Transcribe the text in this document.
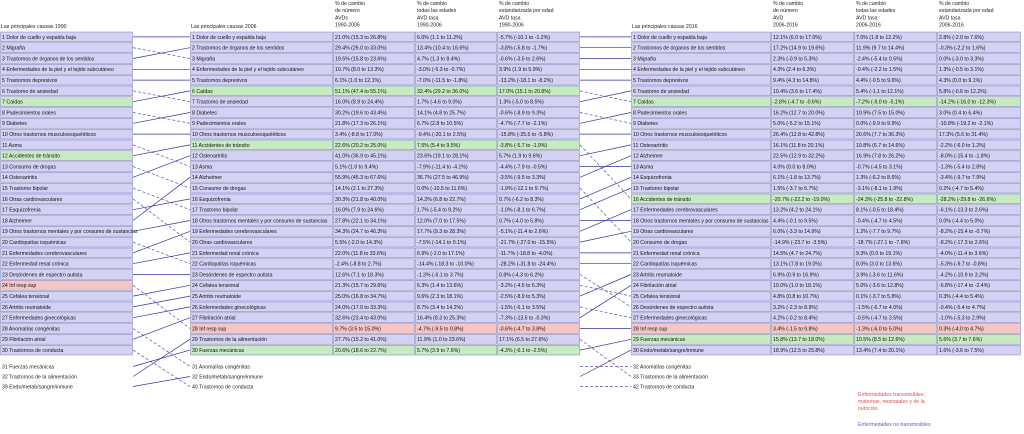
Las principales causas 1990
1 Dolor de cuello y espalda baja
2 Migraña
3 Trastornos de órganos de los sentidos
4 Enfermedades de la piel y el tejido subcutáneo
5 Trastornos depresivos
6 Trastorno de ansiedad
7 Caídas
8 Padecimientos orales
9 Diabetes
10 Otros trastornos musculoesqueléticos
11 Asma
12 Accidentes de tránsito
13 Consumo de drogas
14 Osteoartritis
15 Trastorno bipolar
16 Otras cardiovasculares
17 Esquizofrenia
18 Alzheimer
19 Otros trastornos mentales y por consumo de sustancias
20 Cardiopatías isquémicas
21 Enfermedades cerebrovasculares
22 Enfermedad renal crónica
23 Desórdenes de espectro autista
24 Inf resp sup
25 Cefalea tensional
26 Artritis reumatoide
27 Enfermedades ginecológicas
28 Anomalías congénitas
29 Fibrilación atrial
30 Trastornos de conducta
31 Fuerzas mecánicas
32 Trastornos de la alimentación
39 Endo/metab/sangre/inmune
Las principales causas 2006
% de cambio
de número
AVDs
1990-2006
% de cambio
todas las edades
AVD tasa
1990-2006
% de cambio
estandarizada por edad
AVD tasa
1990-2006
1 Dolor de cuello y espalda baja	21.0% (15.3 to 26.8%)	6.0% (1.1 to 11.2%)	-5.7% (-10.1 to -1.2%)
2 Trastornos de órganos de los sentidos	29.4% (26.0 to 33.0%)	13.4% (10.4 to 16.6%)	-3.8% (-5.8 to -1.7%)
3 Migraña	19.5% (15.8 to 23.6%)	4.7% (1.3 to 8.4%)	-0.6% (-3.5 to 2.6%)
4 Enfermedades de la piel y el tejido subcutáneo	10.7% (8.0 to 13.3%)	-3.0% (-5.3 to -0.7%)	3.9% (1.9 to 5.9%)
5 Trastornos depresivos	6.1% (1.0 to 12.1%)	-7.0% (-11.5 to -1.8%)	-13.2% (-18.1 to -8.2%)
6 Caídas	51.1% (47.4 to 55.1%)	32.4% (29.2 to 36.0%)	17.0% (15.1 to 20.8%)
7 Trastorno de ansiedad	16.0% (8.9 to 24.4%)	1.7% (-4.6 to 9.0%)	1.3% (-5.0 to 8.5%)
8 Diabetes	30.2% (19.6 to 43.4%)	14.1% (4.8 to 25.7%)	-0.6% (-8.9 to 9.3%)
9 Padecimientos orales	21.8% (17.3 to 26.1%)	6.7% (2.8 to 10.5%)	-4.7% (-7.7 to -2.1%)
10 Otros trastornos musculoesqueléticos	3.4% (-8.8 to 17.0%)	-9.4% (-20.1 to 2.5%)	-15.8% (-25.5 to -5.8%)
11 Accidentes de tránsito	22.6% (20.2 to 25.0%)	7.5% (5.4 to 9.5%)	-3.8% (-5.7 to -1.9%)
12 Osteoartritis	41.0% (36.9 to 45.1%)	23.6% (19.1 to 28.1%)	5.7% (1.9 to 9.6%)
13 Asma	5.1% (1.0 to 9.4%)	-7.9% (-11.4 to -4.1%)	-4.4% (-7.9 to -0.5%)
14 Alzheimer	55.9% (45.3 to 67.6%)	36.7% (27.5 to 46.9%)	-3.5% (-9.5 to 3.3%)
15 Consumo de drogas	14.1% (2.1 to 27.3%)	0.0% (-10.5 to 11.6%)	-1.9% (-12.1 to 9.7%)
16 Esquizofrenia	30.3% (21.8 to 40.0%)	14.2% (6.8 to 22.7%)	0.7% (-6.2 to 8.3%)
17 Trastorno bipolar	16.0% (7.9 to 24.6%)	1.7% (-5.4 to 9.2%)	-1.0% (-8.1 to 6.7%)
18 Otros trastornos mentales y por consumo de sustancias 27.8% (22.1 to 34.1%)	12.0% (7.0 to 17.5%)	0.7% (-4.0 to 5.8%)
19 Enfermedades cerebrovasculares	34.3% (24.7 to 46.3%)	17.7% (9.3 to 28.3%)	-5.1% (-11.4 to 2.6%)
20 Otras cardiovasculares	5.5% (-2.0 to 14.3%)	-7.5% (-14.1 to 0.1%)	-21.7% (-27.0 to -15.5%)
21 Enfermedad renal crónica	22.0% (11.8 to 33.6%)	6.9% (-2.0 to 17.1%)	-11.7% (-18.8 to -4.0%)
22 Cardiopatías isquémicas	-2.4% (-8.8 to 2.7%)	-14.4% (-18.3 to -10.0%)	-28.2% (-31.8 to -24.4%)
23 Desórdenes de espectro autista	12.6% (7.1 to 18.3%)	-1.3% (-6.1 to 3.7%)	0.8% (-4.3 to 6.2%)
24 Cefalea tensional	21.3% (15.7 to 29.6%)	6.3% (1.4 to 13.6%)	-3.2% (-4.5 to 6.3%)
25 Artritis reumatoide	25.0% (16.8 to 34.7%)	9.6% (2.3 to 18.1%)	-2.5% (-8.9 to 5.3%)
26 Enfermedades ginecológicas	24.0% (17.0 to 33.3%)	8.7% (3.4 to 14.2%)	-1.5% (-6.1 to 3.5%)
27 Fibrilación atrial	32.6% (23.4 to 43.0%)	16.4% (8.3 to 25.3%)	-7.3% (-13.5 to -0.3%)
28 Inf resp sup	9.7% (3.5 to 15.0%)	-4.7% (-9.5 to 0.8%)	-0.6% (-4.7 to 3.8%)
29 Trastornos de la alimentación	27.7% (15.2 to 41.0%)	11.9% (1.0 to 23.6%)	17.1% (6.5 to 27.6%)
30 Fuerzas mecánicas	20.6% (18.6 to 22.7%)	5.7% (3.9 to 7.6%)	-4.3% (-6.1 to -2.5%)
31 Anomalías congénitas
32 Endo/metab/sangre/inmune
40 Trastornos de conducta
Las principales causas 2016
% de cambio
de número
AVD
2006-2016
% de cambio
todas las edades
AVD tasa
2006-2016
% de cambio
estandarizada por edad
AVD tasa
2006-2016
1 Dolor de cuello y espalda baja	12.1% (6.0 to 17.0%)	7.0% (1.8 to 12.2%)	2.8% (-2.0 to 7.6%)
2 Trastornos de órganos de los sentidos	17.2% (14.9 to 19.6%)	11.9% (9.7 to 14.4%)	-0.3% (-2.2 to 1.6%)
3 Migraña	2.3% (-0.9 to 5.3%)	-2.4% (-5.4 to 0.5%)	0.0% (-3.0 to 3.3%)
4 Enfermedades de la piel y el tejido subcutáneo	4.3% (2.4 to 6.3%)	-0.4% (-2.2 to 1.5%)	1.3% (-0.5 to 3.1%)
5 Trastornos depresivos	9.4% (4.3 to 14.8%)	4.4% (-0.5 to 9.6%)	4.3% (0.0 to 9.1%)
6 Trastorno de ansiedad	10.4% (3.6 to 17.4%)	5.4% (-1.1 to 12.1%)	5.8% (-0.6 to 12.2%)
7 Caídas	-2.8% (-4.7 to -0.6%)	-7.2% (-9.0 to -5.1%)	-14.2% (-16.0 to -12.3%)
8 Padecimientos orales	16.2% (12.7 to 20.0%)	10.9% (7.5 to 15.0%)	3.0% (0.4 to 6.4%)
9 Diabetes	5.0% (-5.2 to 15.1%)	0.0% (-9.9 to 9.9%)	-10.8% (-19.2 to -2.1%)
10 Otros trastornos musculoesqueléticos	26.4% (12.8 to 42.8%)	20.6% (7.7 to 36.3%)	17.3% (5.6 to 31.4%)
11 Osteoartritis	16.1% (11.8 to 20.1%)	10.8% (6.7 to 14.6%)	-2.2% (-6.0 to 1.2%)
12 Alzheimer	22.5% (12.9 to 32.2%)	16.9% (7.8 to 26.2%)	-8.0% (-15.4 to -1.8%)
13 Asma	4.0% (0.0 to 8.0%)	-0.7% (-4.5 to 3.1%)	-1.3% (-5.4 to 2.8%)
14 Esquizofrenia	6.1% (-1.8 to 13.7%)	1.3% (-6.2 to 8.6%)	-3.4% (-9.7 to 7.9%)
15 Trastorno bipolar	1.5% (-3.7 to 6.7%)	-3.1% (-8.1 to 1.9%)	0.2% (-4.7 to 5.4%)
16 Accidentes de tránsito	-20.7% (-22.2 to -19.0%)	-24.3% (-25.8 to -22.8%)	-28.2% (-29.8 to -26.6%)
17 Enfermedades cerebrovasculares	13.2% (4.2 to 24.1%)	8.1% (-0.5 to 18.4%)	-6.1% (-13.3 to 2.6%)
18 Otros trastornos mentales y por consumo de sustancias 4.4% (-0.1 to 9.5%)	-0.4% (-4.7 to 4.5%)	0.0% (-4.4 to 5.0%)
19 Otras cardiovasculares	6.0% (-3.3 to 14.9%)	1.2% (-7.7 to 9.7%)	-8.2% (-15.4 to -0.7%)
20 Consumo de drogas	-14.9% (-23.7 to -3.5%)	-18.7% (-27.1 to -7.8%)	-8.2% (-17.3 to 2.6%)
21 Enfermedad renal crónica	14.5% (4.7 to 24.7%)	9.3% (0.0 to 19.1%)	-4.0% (-11.4 to 3.6%)
22 Cardiopatías isquémicas	13.1% (7.8 to 19.0%)	8.0% (3.0 to 13.6%)	-5.3% (-9.7 to -0.8%)
23 Artritis reumatoide	6.9% (0.9 to 16.9%)	3.9% (-3.6 to 11.6%)	-4.2% (-10.9 to 3.2%)
24 Fibrilación atrial	10.0% (1.0 to 18.1%)	5.0% (-3.6 to 12.8%)	-6.8% (-17.4 to -2.4%)
25 Cefalea tensional	4.8% (0.8 to 10.7%)	0.1% (-3.7 to 5.8%)	0.3% (-4.4 to 5.4%)
26 Desórdenes de espectro autista	3.2% (-2.3 to 8.9%)	-1.5% (-6.7 to 4.0%)	-0.4% (-5.4 to 4.7%)
27 Enfermedades ginecológicas	4.2% (-0.2 to 8.4%)	-0.5% (-4.7 to 3.5%)	-1.0% (-5.3 to 2.9%)
28 Inf resp sup	3.4% (-1.5 to 9.8%)	-1.3% (-6.0 to 5.0%)	0.3% (-4.0 to 4.7%)
29 Fuerzas mecánicas	15.8% (13.7 to 18.0%)	10.5% (8.5 to 12.6%)	5.6% (3.7 to 7.6%)
30 Endo/metab/sangre/inmune	18.9% (12.5 to 25.8%)	13.4% (7.4 to 20.1%)	1.6% (-3.6 to 7.5%)
32 Anomalías congénitas
33 Trastornos de la alimentación
42 Trastornos de conducta
Enfermedades transmisibles,
maternas, neonatales y de la
nutrición
Enfermedades no transmisibles
